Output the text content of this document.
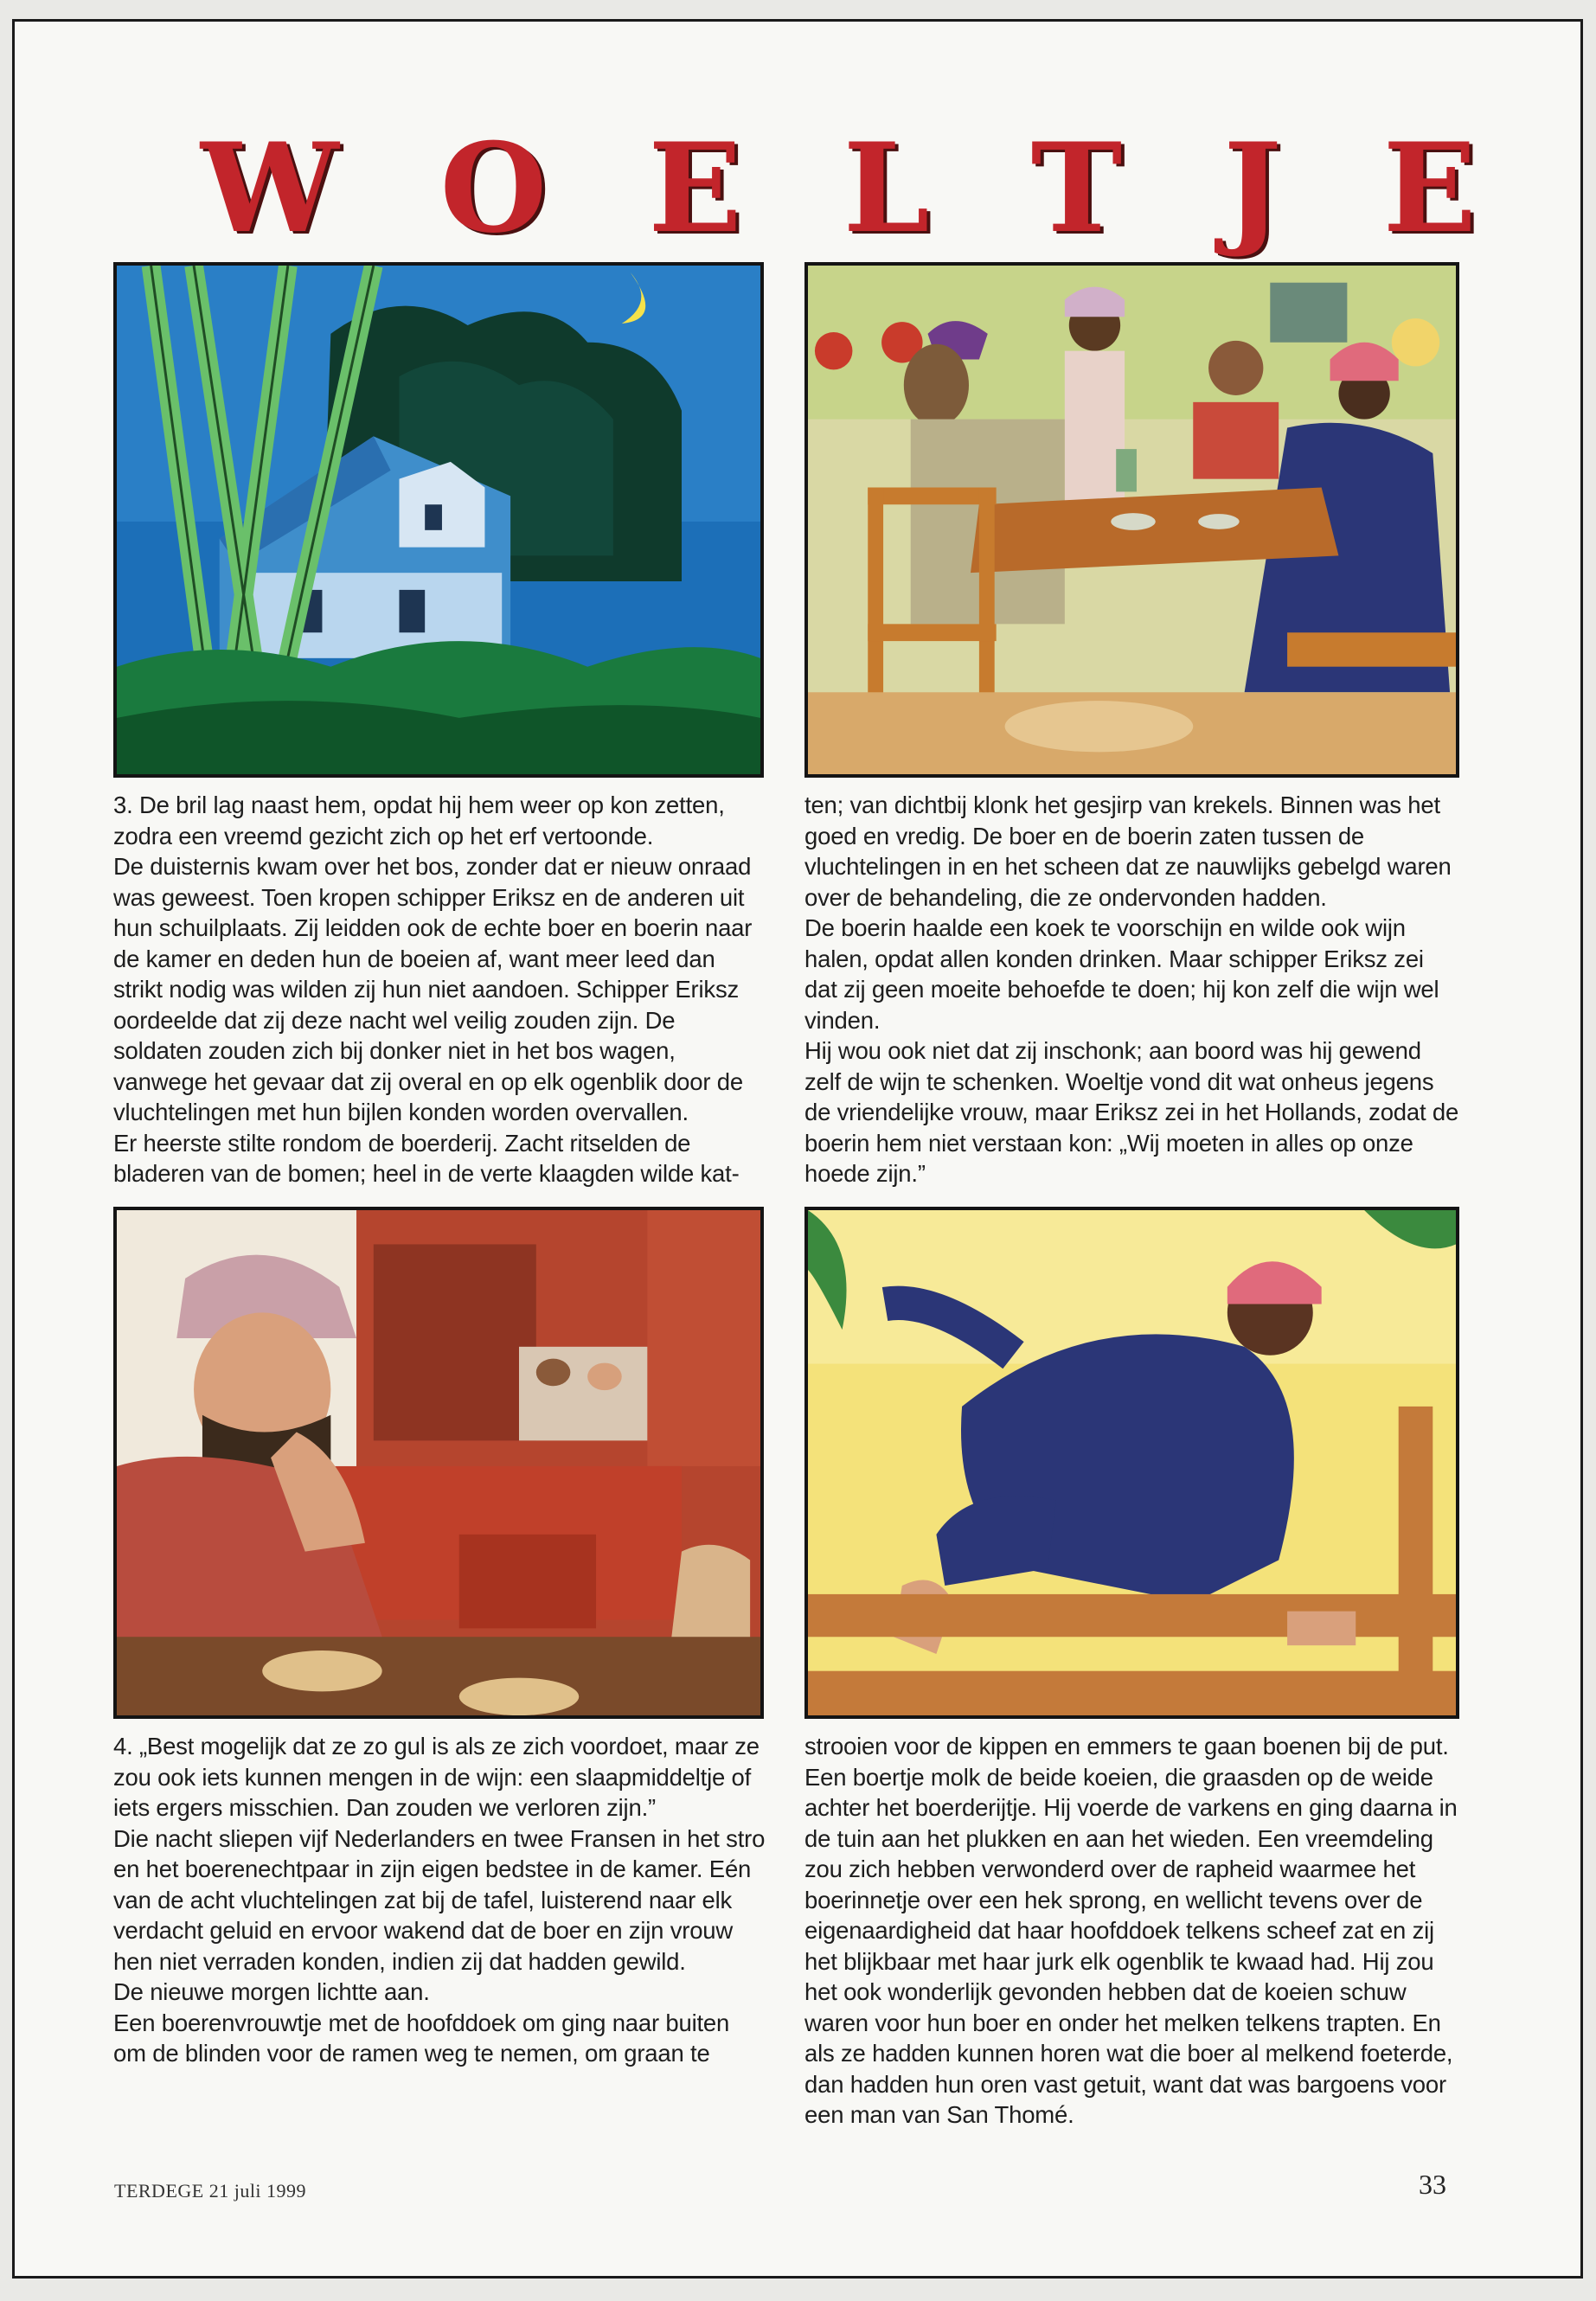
W O E L T J E

3. De bril lag naast hem, opdat hij hem weer op kon zetten, zodra een vreemd gezicht zich op het erf vertoonde.

De duisternis kwam over het bos, zonder dat er nieuw onraad was geweest. Toen kropen schipper Eriksz en de anderen uit hun schuilplaats. Zij leidden ook de echte boer en boerin naar de kamer en deden hun de boeien af, want meer leed dan strikt nodig was wilden zij hun niet aandoen. Schipper Eriksz oordeelde dat zij deze nacht wel veilig zouden zijn. De soldaten zouden zich bij donker niet in het bos wagen, vanwege het gevaar dat zij overal en op elk ogenblik door de vluchtelingen met hun bijlen konden worden overvallen.

Er heerste stilte rondom de boerderij. Zacht ritselden de bladeren van de bomen; heel in de verte klaagden wilde kat-

ten; van dichtbij klonk het gesjirp van krekels. Binnen was het goed en vredig. De boer en de boerin zaten tussen de vluchtelingen in en het scheen dat ze nauwlijks gebelgd waren over de behandeling, die ze ondervonden hadden.

De boerin haalde een koek te voorschijn en wilde ook wijn halen, opdat allen konden drinken. Maar schipper Eriksz zei dat zij geen moeite behoefde te doen; hij kon zelf die wijn wel vinden.

Hij wou ook niet dat zij inschonk; aan boord was hij gewend zelf de wijn te schenken. Woeltje vond dit wat onheus jegens de vriendelijke vrouw, maar Eriksz zei in het Hollands, zodat de boerin hem niet verstaan kon: „Wij moeten in alles op onze hoede zijn.”

4. „Best mogelijk dat ze zo gul is als ze zich voordoet, maar ze zou ook iets kunnen mengen in de wijn: een slaapmiddeltje of iets ergers misschien. Dan zouden we verloren zijn.”

Die nacht sliepen vijf Nederlanders en twee Fransen in het stro en het boerenechtpaar in zijn eigen bedstee in de kamer. Eén van de acht vluchtelingen zat bij de tafel, luisterend naar elk verdacht geluid en ervoor wakend dat de boer en zijn vrouw hen niet verraden konden, indien zij dat hadden gewild.

De nieuwe morgen lichtte aan.

Een boerenvrouwtje met de hoofddoek om ging naar buiten om de blinden voor de ramen weg te nemen, om graan te

strooien voor de kippen en emmers te gaan boenen bij de put. Een boertje molk de beide koeien, die graasden op de weide achter het boerderijtje. Hij voerde de varkens en ging daarna in de tuin aan het plukken en aan het wieden. Een vreemdeling zou zich hebben verwonderd over de rapheid waarmee het boerinnetje over een hek sprong, en wellicht tevens over de eigenaardigheid dat haar hoofddoek telkens scheef zat en zij het blijkbaar met haar jurk elk ogenblik te kwaad had. Hij zou het ook wonderlijk gevonden hebben dat de koeien schuw waren voor hun boer en onder het melken telkens trapten. En als ze hadden kunnen horen wat die boer al melkend foeterde, dan hadden hun oren vast getuit, want dat was bargoens voor een man van San Thomé.

TERDEGE 21 juli 1999	33
